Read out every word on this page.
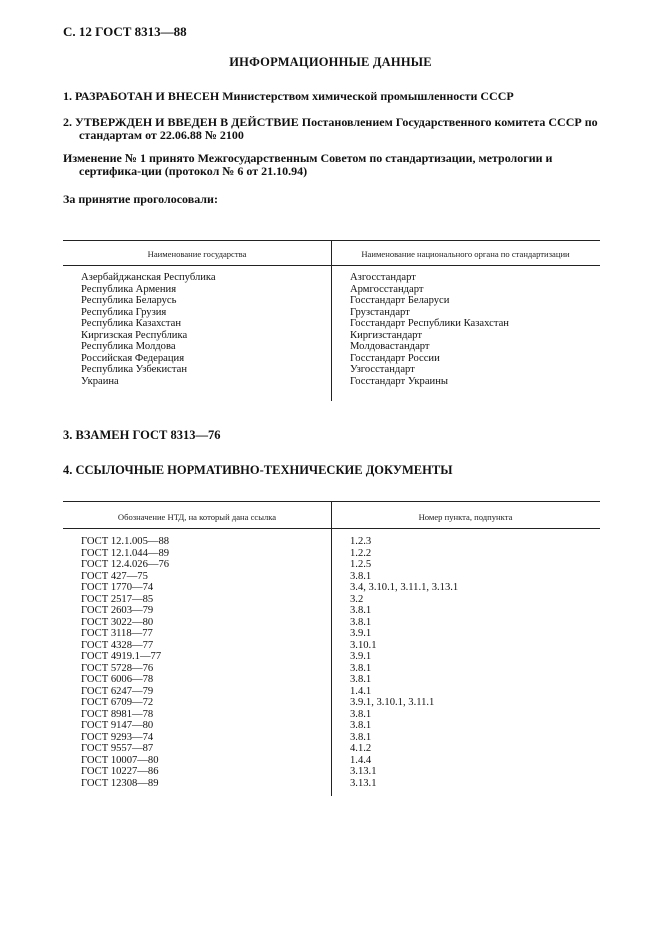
С. 12 ГОСТ 8313—88
ИНФОРМАЦИОННЫЕ ДАННЫЕ
1. РАЗРАБОТАН И ВНЕСЕН Министерством химической промышленности СССР
2. УТВЕРЖДЕН И ВВЕДЕН В ДЕЙСТВИЕ Постановлением Государственного комитета СССР по стандартам от 22.06.88 № 2100
Изменение № 1 принято Межгосударственным Советом по стандартизации, метрологии и сертифика-ции (протокол № 6 от 21.10.94)
За принятие проголосовали:
Наименование государства	Наименование национального органа по стандартизации
Азербайджанская Республика
Республика Армения
Республика Беларусь
Республика Грузия
Республика Казахстан
Киргизская Республика
Республика Молдова
Российская Федерация
Республика Узбекистан
Украина
Азгосстандарт
Армгосстандарт
Госстандарт Беларуси
Грузстандарт
Госстандарт Республики Казахстан
Киргизстандарт
Молдовастандарт
Госстандарт России
Узгосстандарт
Госстандарт Украины
3. ВЗАМЕН ГОСТ 8313—76
4. ССЫЛОЧНЫЕ НОРМАТИВНО-ТЕХНИЧЕСКИЕ ДОКУМЕНТЫ
Обозначение НТД, на который дана ссылка	Номер пункта, подпункта
ГОСТ 12.1.005—88
ГОСТ 12.1.044—89
ГОСТ 12.4.026—76
ГОСТ 427—75
ГОСТ 1770—74
ГОСТ 2517—85
ГОСТ 2603—79
ГОСТ 3022—80
ГОСТ 3118—77
ГОСТ 4328—77
ГОСТ 4919.1—77
ГОСТ 5728—76
ГОСТ 6006—78
ГОСТ 6247—79
ГОСТ 6709—72
ГОСТ 8981—78
ГОСТ 9147—80
ГОСТ 9293—74
ГОСТ 9557—87
ГОСТ 10007—80
ГОСТ 10227—86
ГОСТ 12308—89
1.2.3
1.2.2
1.2.5
3.8.1
3.4, 3.10.1, 3.11.1, 3.13.1
3.2
3.8.1
3.8.1
3.9.1
3.10.1
3.9.1
3.8.1
3.8.1
1.4.1
3.9.1, 3.10.1, 3.11.1
3.8.1
3.8.1
3.8.1
4.1.2
1.4.4
3.13.1
3.13.1
